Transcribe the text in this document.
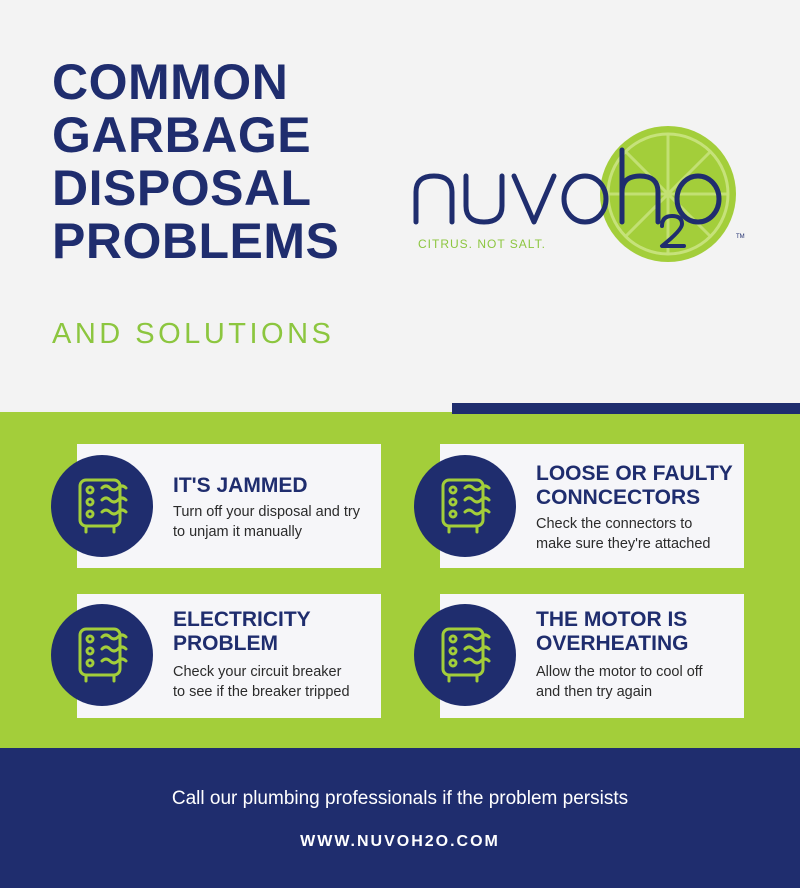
COMMON
GARBAGE
DISPOSAL
PROBLEMS
AND SOLUTIONS
CITRUS. NOT SALT.	TM
IT'S JAMMED
Turn off your disposal and try
to unjam it manually
LOOSE OR FAULTY
CONNCECTORS
Check the connectors to
make sure they're attached
ELECTRICITY
PROBLEM
Check your circuit breaker
to see if the breaker tripped
THE MOTOR IS
OVERHEATING
Allow the motor to cool off
and then try again
Call our plumbing professionals if the problem persists
WWW.NUVOH2O.COM
